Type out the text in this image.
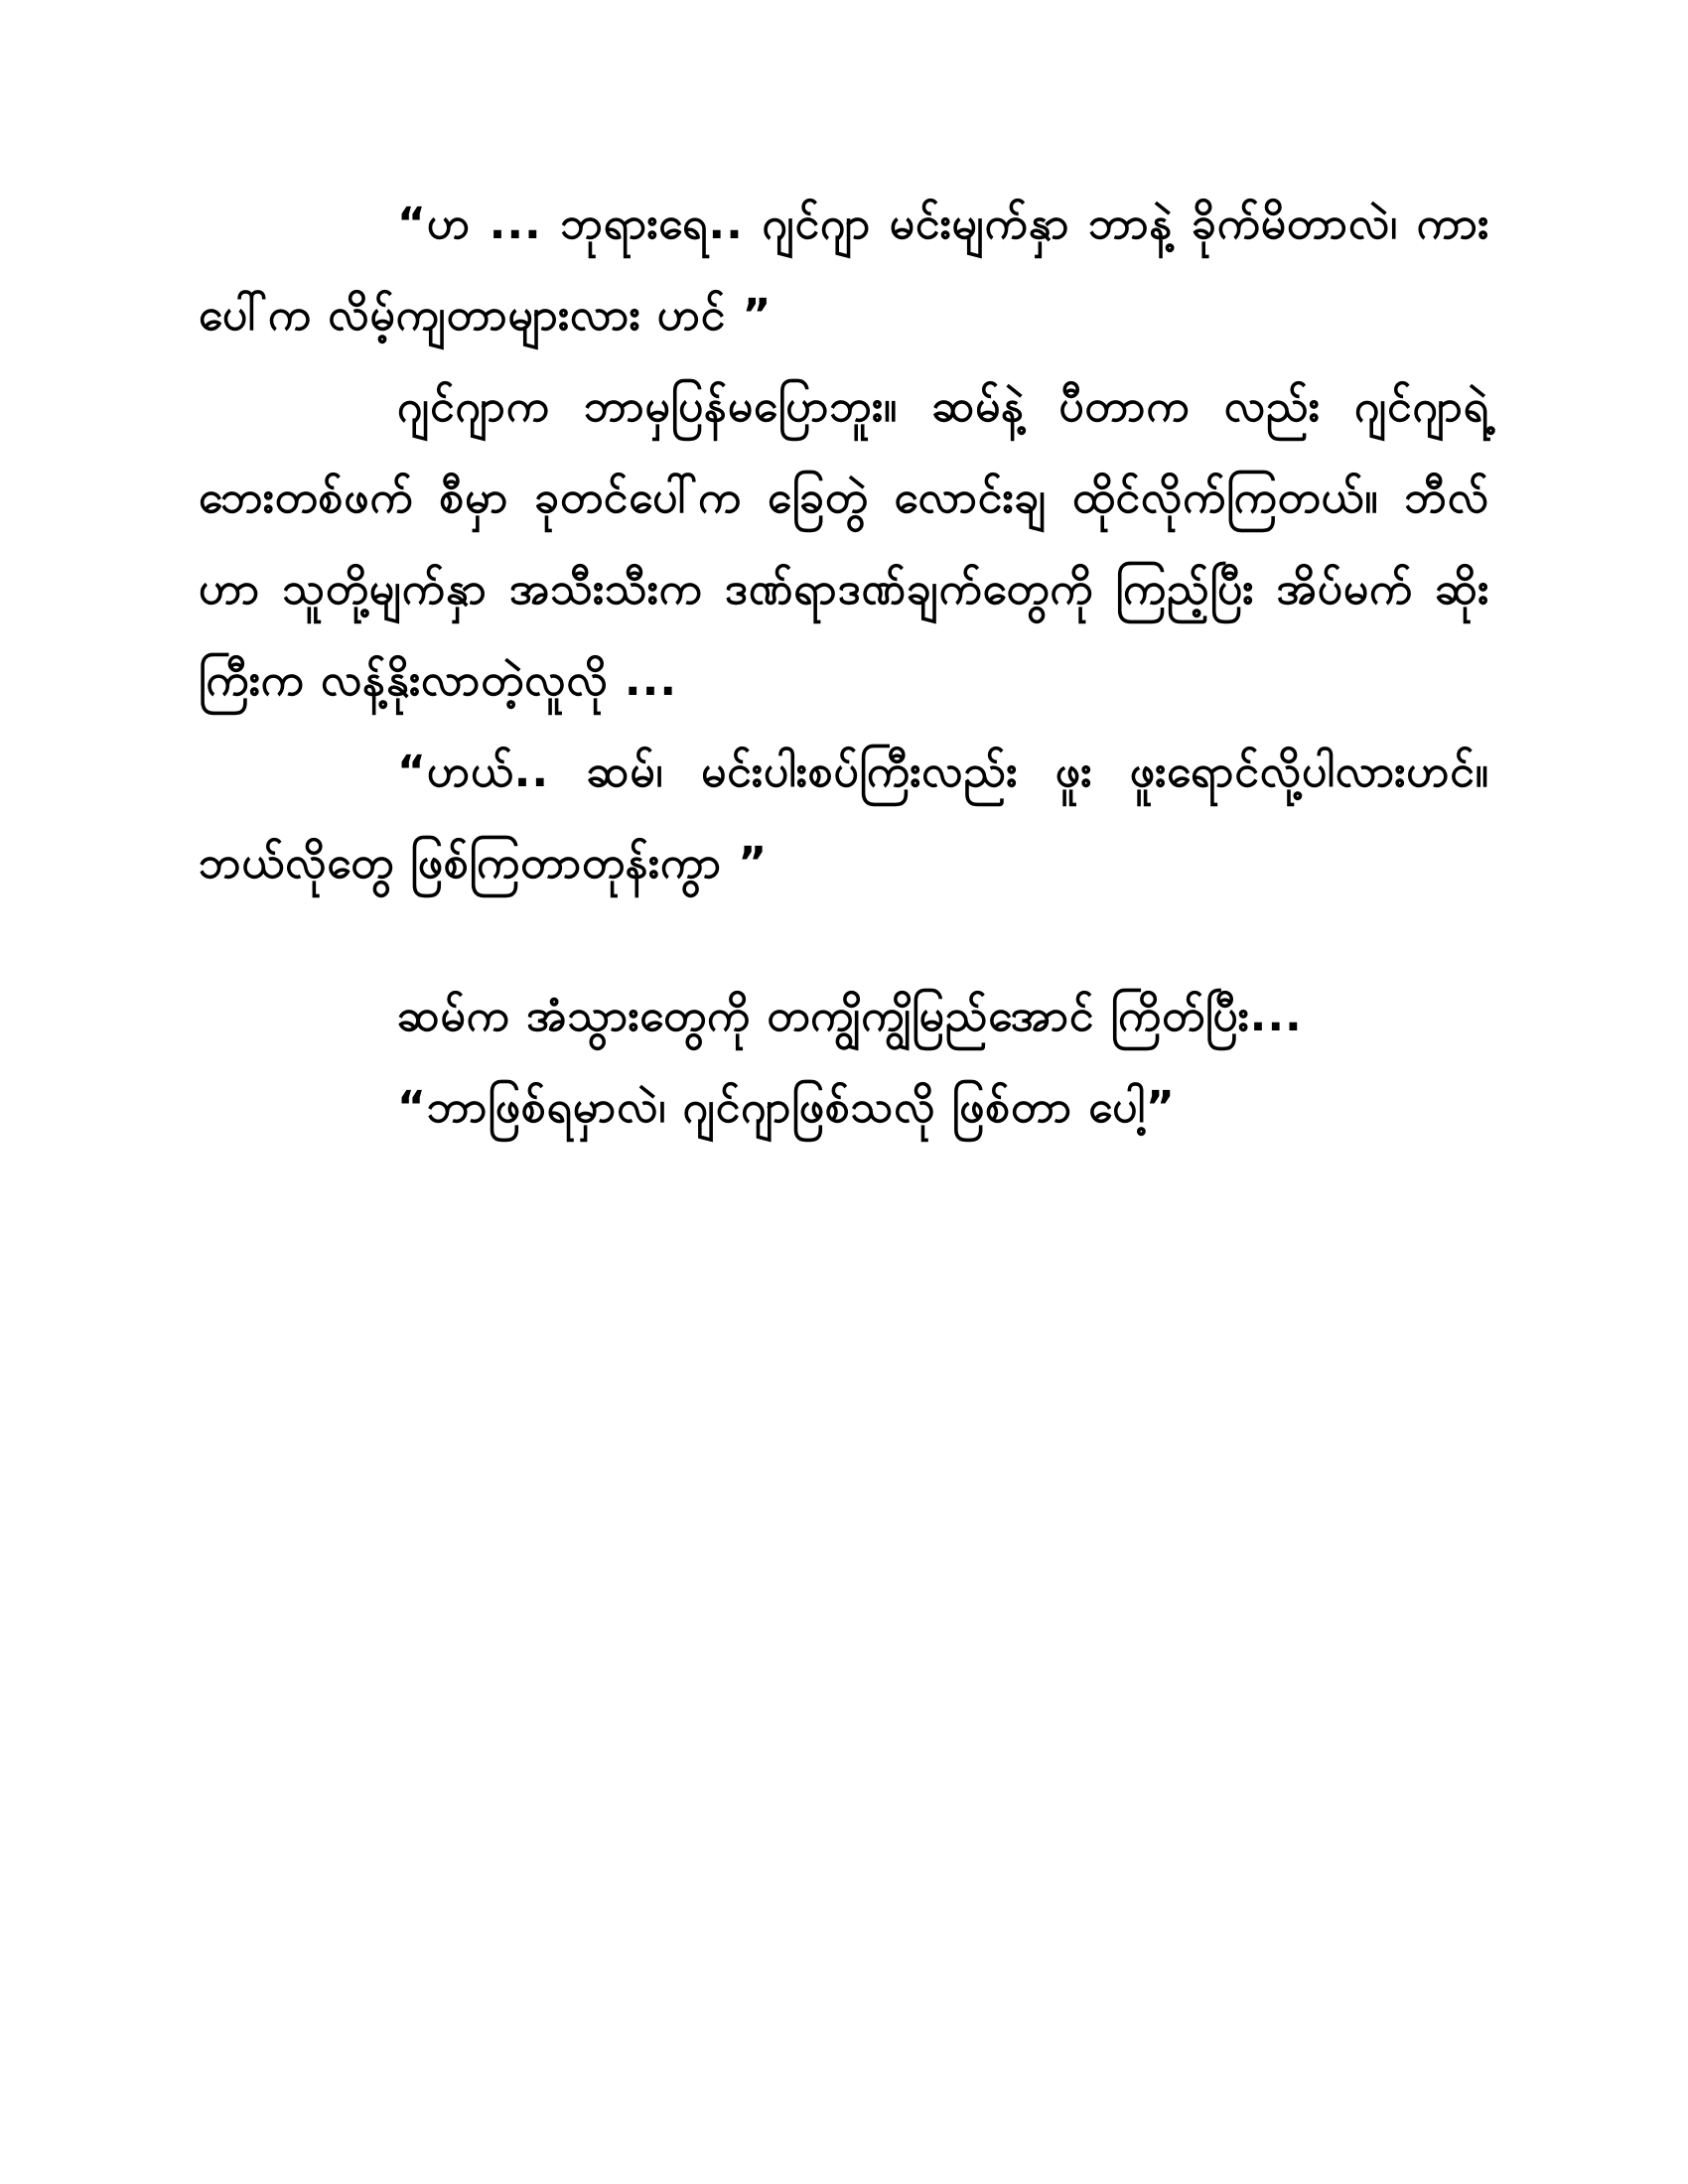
“ဟ ... ဘုရားရေ.. ဂျင်ဂျာ မင်းမျက်နှာ ဘာနဲ့ ခိုက်မိတာလဲ၊ ကားပေါ်က လိမ့်ကျတာများလား ဟင် ”

ဂျင်ဂျာက ဘာမှပြန်မပြောဘူး။ ဆမ်နဲ့ ပီတာက လည်း ဂျင်ဂျာရဲ့ ဘေးတစ်ဖက် စီမှာ ခုတင်ပေါ်က ခြေတွဲ လောင်းချ ထိုင်လိုက်ကြတယ်။ ဘီလ်ဟာ သူတို့မျက်နှာ အသီးသီးက ဒဏ်ရာဒဏ်ချက်တွေကို ကြည့်ပြီး အိပ်မက် ဆိုးကြီးက လန့်နိုးလာတဲ့လူလို ...

“ဟယ်.. ဆမ်၊ မင်းပါးစပ်ကြီးလည်း ဖူး ဖူးရောင်လို့ပါလားဟင်။ ဘယ်လိုတွေ ဖြစ်ကြတာတုန်းကွာ ”

ဆမ်က အံသွားတွေကို တကျွိကျွိမြည်အောင် ကြိတ်ပြီး...

“ဘာဖြစ်ရမှာလဲ၊ ဂျင်ဂျာဖြစ်သလို ဖြစ်တာ ပေါ့”
